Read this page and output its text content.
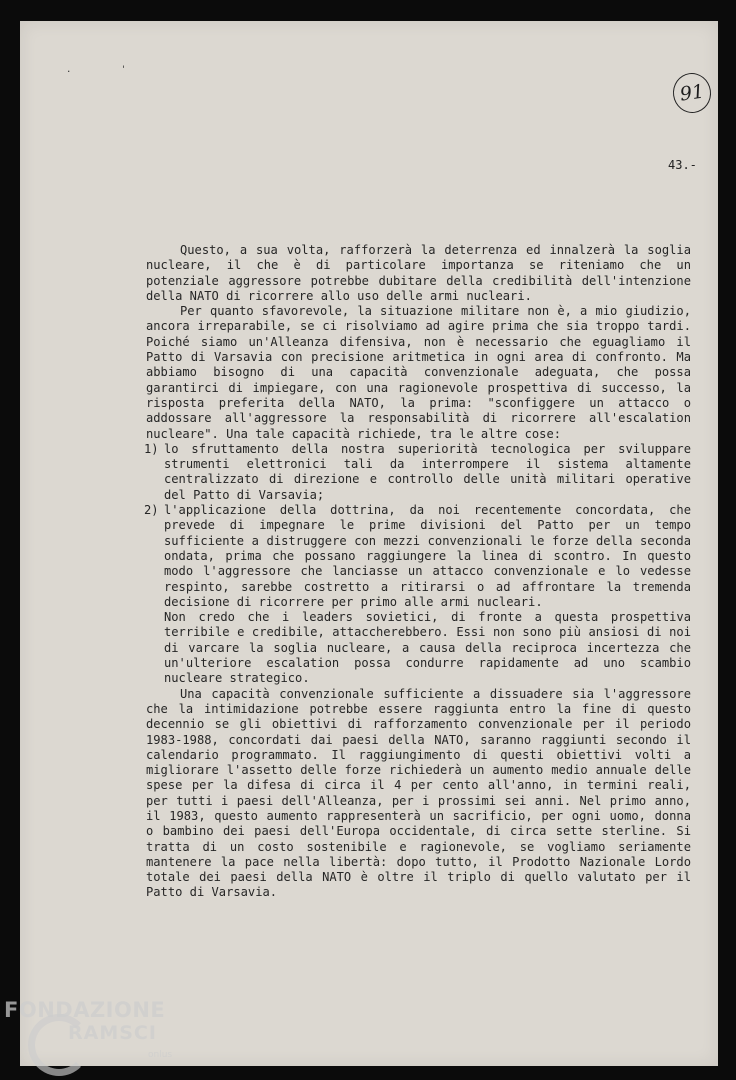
. '
91
43.-

Questo, a sua volta, rafforzerà la deterrenza ed innalzerà la soglia nucleare, il che è di particolare importanza se riteniamo che un potenziale aggressore potrebbe dubitare della credibilità dell'intenzione della NATO di ricorrere allo uso delle armi nucleari.

Per quanto sfavorevole, la situazione militare non è, a mio giudizio, ancora irreparabile, se ci risolviamo ad agire prima che sia troppo tardi. Poiché siamo un'Alleanza difensiva, non è necessario che eguagliamo il Patto di Varsavia con precisione aritmetica in ogni area di confronto. Ma abbiamo bisogno di una capacità convenzionale adeguata, che possa garantirci di impiegare, con una ragionevole prospettiva di successo, la risposta preferita della NATO, la prima: "sconfiggere un attacco o addossare all'aggressore la responsabilità di ricorrere all'escalation nucleare". Una tale capacità richiede, tra le altre cose:

1) lo sfruttamento della nostra superiorità tecnologica per sviluppare strumenti elettronici tali da interrompere il sistema altamente centralizzato di direzione e controllo delle unità militari operative del Patto di Varsavia;

2) l'applicazione della dottrina, da noi recentemente concordata, che prevede di impegnare le prime divisioni del Patto per un tempo sufficiente a distruggere con mezzi convenzionali le forze della seconda ondata, prima che possano raggiungere la linea di scontro. In questo modo l'aggressore che lanciasse un attacco convenzionale e lo vedesse respinto, sarebbe costretto a ritirarsi o ad affrontare la tremenda decisione di ricorrere per primo alle armi nucleari.

Non credo che i leaders sovietici, di fronte a questa prospettiva terribile e credibile, attaccherebbero. Essi non sono più ansiosi di noi di varcare la soglia nucleare, a causa della reciproca incertezza che un'ulteriore escalation possa condurre rapidamente ad uno scambio nucleare strategico.

Una capacità convenzionale sufficiente a dissuadere sia l'aggressore che la intimidazione potrebbe essere raggiunta entro la fine di questo decennio se gli obiettivi di rafforzamento convenzionale per il periodo 1983-1988, concordati dai paesi della NATO, saranno raggiunti secondo il calendario programmato. Il raggiungimento di questi obiettivi volti a migliorare l'assetto delle forze richiederà un aumento medio annuale delle spese per la difesa di circa il 4 per cento all'anno, in termini reali, per tutti i paesi dell'Alleanza, per i prossimi sei anni. Nel primo anno, il 1983, questo aumento rappresenterà un sacrificio, per ogni uomo, donna o bambino dei paesi dell'Europa occidentale, di circa sette sterline. Si tratta di un costo sostenibile e ragionevole, se vogliamo seriamente mantenere la pace nella libertà: dopo tutto, il Prodotto Nazionale Lordo totale dei paesi della NATO è oltre il triplo di quello valutato per il Patto di Varsavia.

FONDAZIONE
RAMSCI
onlus
